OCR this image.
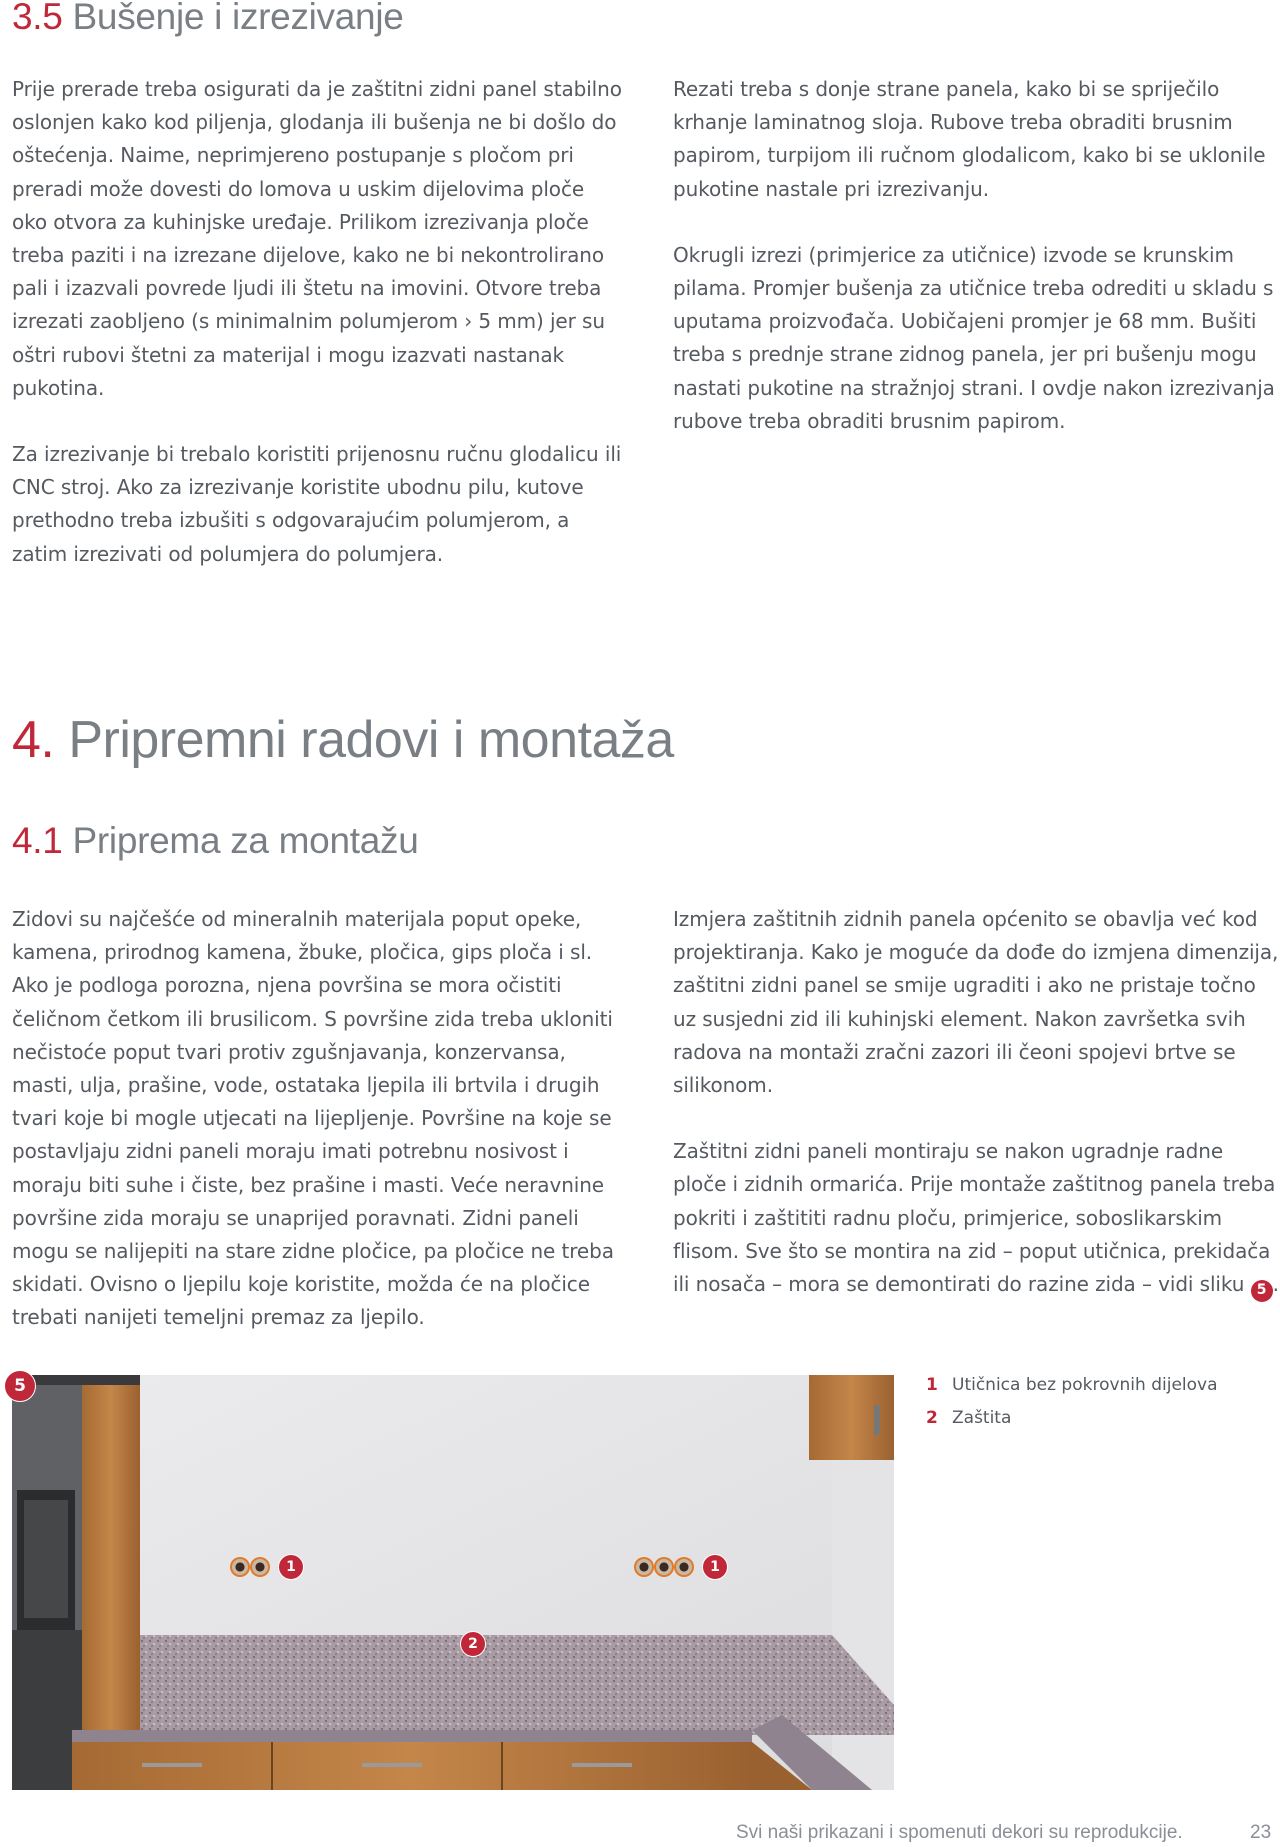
3.5 Bušenje i izrezivanje

Prije prerade treba osigurati da je zaštitni zidni panel stabilno oslonjen kako kod piljenja, glodanja ili bušenja ne bi došlo do oštećenja. Naime, neprimjereno postupanje s pločom pri preradi može dovesti do lomova u uskim dijelovima ploče oko otvora za kuhinjske uređaje. Prilikom izrezivanja ploče treba paziti i na izrezane dijelove, kako ne bi nekontrolirano pali i izazvali povrede ljudi ili štetu na imovini. Otvore treba izrezati zaobljeno (s minimalnim polumjerom › 5 mm) jer su oštri rubovi štetni za materijal i mogu izazvati nastanak pukotina.

Za izrezivanje bi trebalo koristiti prijenosnu ručnu glodalicu ili CNC stroj. Ako za izrezivanje koristite ubodnu pilu, kutove prethodno treba izbušiti s odgovarajućim polumjerom, a zatim izrezivati od polumjera do polumjera.

Rezati treba s donje strane panela, kako bi se spriječilo krhanje laminatnog sloja. Rubove treba obraditi brusnim papirom, turpijom ili ručnom glodalicom, kako bi se uklonile pukotine nastale pri izrezivanju.

Okrugli izrezi (primjerice za utičnice) izvode se krunskim pilama. Promjer bušenja za utičnice treba odrediti u skladu s uputama proizvođača. Uobičajeni promjer je 68 mm. Bušiti treba s prednje strane zidnog panela, jer pri bušenju mogu nastati pukotine na stražnjoj strani. I ovdje nakon izrezivanja rubove treba obraditi brusnim papirom.

4. Pripremni radovi i montaža
4.1 Priprema za montažu

Zidovi su najčešće od mineralnih materijala poput opeke, kamena, prirodnog kamena, žbuke, pločica, gips ploča i sl. Ako je podloga porozna, njena površina se mora očistiti čeličnom četkom ili brusilicom. S površine zida treba ukloniti nečistoće poput tvari protiv zgušnjavanja, konzervansa, masti, ulja, prašine, vode, ostataka ljepila ili brtvila i drugih tvari koje bi mogle utjecati na lijepljenje. Površine na koje se postavljaju zidni paneli moraju imati potrebnu nosivost i moraju biti suhe i čiste, bez prašine i masti. Veće neravnine površine zida moraju se unaprijed poravnati. Zidni paneli mogu se nalijepiti na stare zidne pločice, pa pločice ne treba skidati. Ovisno o ljepilu koje koristite, možda će na pločice trebati nanijeti temeljni premaz za ljepilo.

Izmjera zaštitnih zidnih panela općenito se obavlja već kod projektiranja. Kako je moguće da dođe do izmjena dimenzija, zaštitni zidni panel se smije ugraditi i ako ne pristaje točno uz susjedni zid ili kuhinjski element. Nakon završetka svih radova na montaži zračni zazori ili čeoni spojevi brtve se silikonom.

Zaštitni zidni paneli montiraju se nakon ugradnje radne ploče i zidnih ormarića. Prije montaže zaštitnog panela treba pokriti i zaštititi radnu ploču, primjerice, soboslikarskim flisom. Sve što se montira na zid – poput utičnica, prekidača ili nosača – mora se demontirati do razine zida – vidi sliku 5 .

1	1
2
5	1 Utičnica bez pokrovnih dijelova
2 Zaštita
Svi naši prikazani i spomenuti dekori su reprodukcije.	23
